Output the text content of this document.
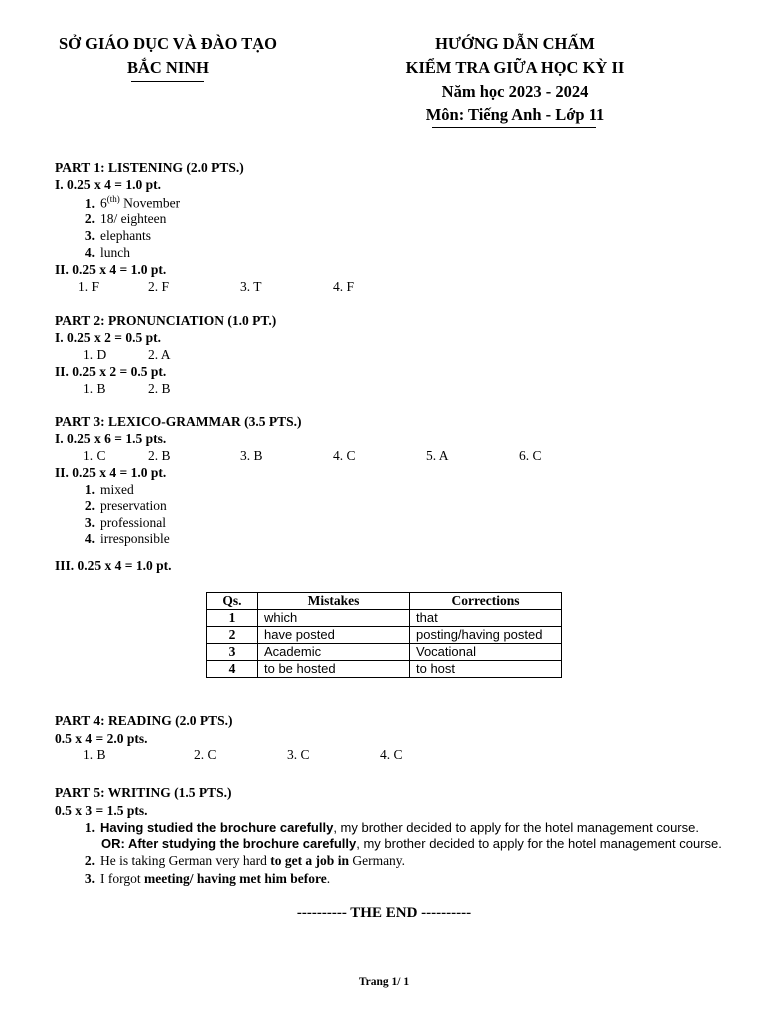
SỞ GIÁO DỤC VÀ ĐÀO TẠO
BẮC NINH
HƯỚNG DẪN CHẤM
KIỂM TRA GIỮA HỌC KỲ II
Năm học 2023 - 2024
Môn: Tiếng Anh - Lớp 11
PART 1: LISTENING (2.0 PTS.)
I. 0.25 x 4 = 1.0 pt.
1. $6^{(th)}$ November
2. 18/ eighteen
3. elephants
4. lunch
II. 0.25 x 4 = 1.0 pt.
1. F	2. F	3. T	4. F
PART 2: PRONUNCIATION (1.0 PT.)
I. 0.25 x 2 = 0.5 pt.
1. D	2. A
II. 0.25 x 2 = 0.5 pt.
1. B	2. B
PART 3: LEXICO-GRAMMAR (3.5 PTS.)
I. 0.25 x 6 = 1.5 pts.
1. C	2. B	3. B	4. C	5. A	6. C
II. 0.25 x 4 = 1.0 pt.
1. mixed
2. preservation
3. professional
4. irresponsible
III. 0.25 x 4 = 1.0 pt.
Qs.	Mistakes	Corrections
1	which	that
2	have posted	posting/having posted
3	Academic	Vocational
4	to be hosted	to host
PART 4: READING (2.0 PTS.)
0.5 x 4 = 2.0 pts.
1. B	2. C	3. C	4. C
PART 5: WRITING (1.5 PTS.)
0.5 x 3 = 1.5 pts.
1. Having studied the brochure carefully, my brother decided to apply for the hotel management course.
OR: After studying the brochure carefully, my brother decided to apply for the hotel management course.
2. He is taking German very hard to get a job in Germany.
3. I forgot meeting/ having met him before.
---------- THE END ----------
Trang 1/ 1
